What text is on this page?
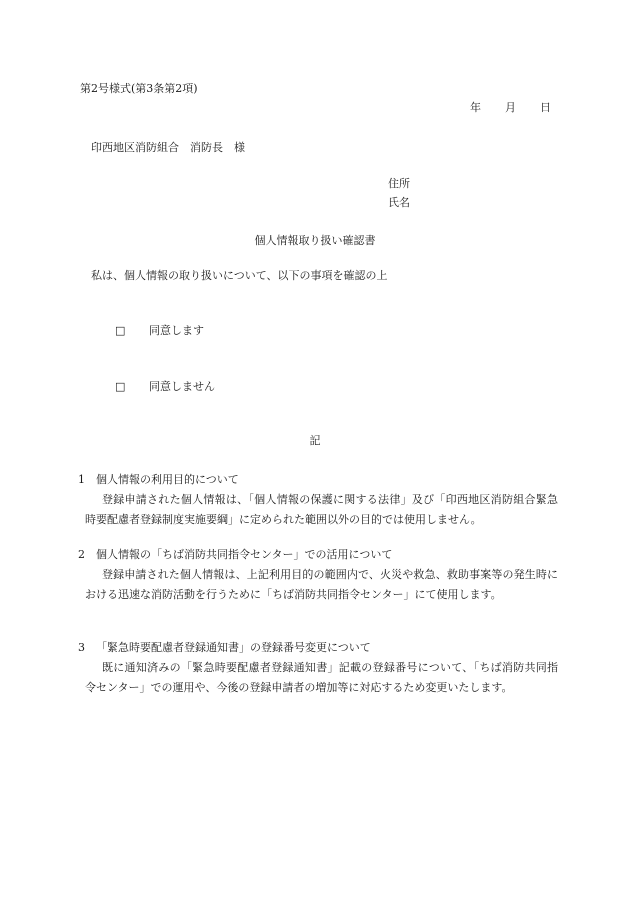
第2号様式(第3条第2項)
年 月 日
印西地区消防組合　消防長　様
住所
氏名
個人情報取り扱い確認書
私は、個人情報の取り扱いについて、以下の事項を確認の上
□ 同意します
□ 同意しません
記
1 個人情報の利用目的について

登録申請された個人情報は、「個人情報の保護に関する法律」及び「印西地区消防組合緊急時要配慮者登録制度実施要綱」に定められた範囲以外の目的では使用しません。

2 個人情報の「ちば消防共同指令センター」での活用について

登録申請された個人情報は、上記利用目的の範囲内で、火災や救急、救助事案等の発生時における迅速な消防活動を行うために「ちば消防共同指令センター」にて使用します。

3 「緊急時要配慮者登録通知書」の登録番号変更について

既に通知済みの「緊急時要配慮者登録通知書」記載の登録番号について、「ちば消防共同指令センター」での運用や、今後の登録申請者の増加等に対応するため変更いたします。
